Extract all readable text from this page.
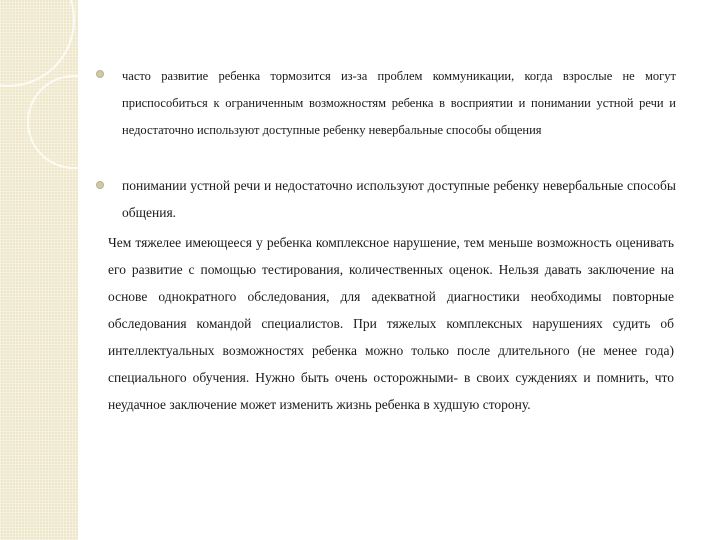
часто развитие ребенка тормозится из-за проблем коммуникации, когда взрослые не могут приспособиться к ограниченным возможностям ребенка в восприятии и понимании устной речи и недостаточно используют доступные ребенку невербальные способы общения
понимании устной речи и недостаточно используют доступные ребенку невербальные способы общения.

Чем тяжелее имеющееся у ребенка комплексное нарушение, тем меньше возможность оценивать его развитие с помощью тестирования, количественных оценок. Нельзя давать заключение на основе однократного обследования, для адекватной диагностики необходимы повторные обследования командой специалистов. При тяжелых комплексных нарушениях судить об интеллектуальных возможностях ребенка можно только после длительного (не менее года) специального обучения. Нужно быть очень осторожными- в своих суждениях и помнить, что неудачное заключение может изменить жизнь ребенка в худшую сторону.
